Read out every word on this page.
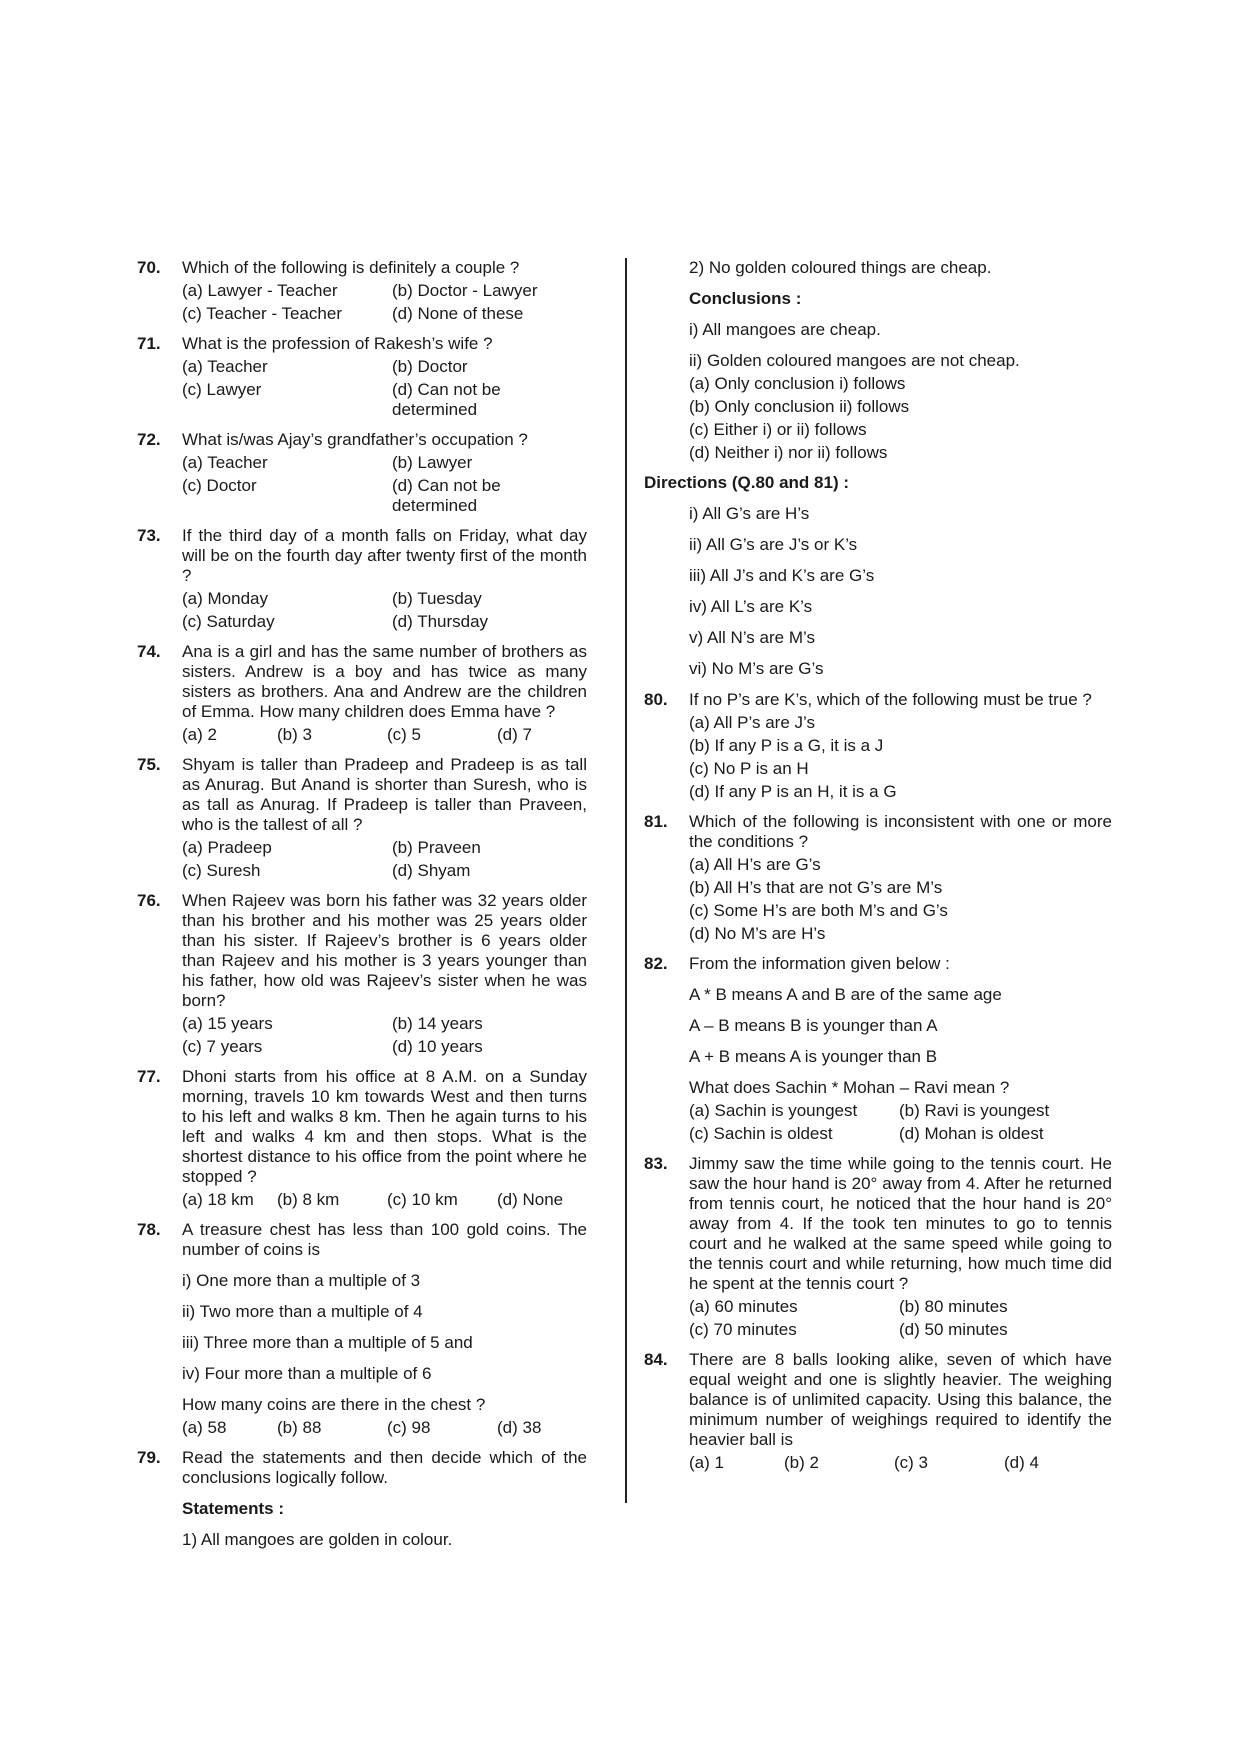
70. Which of the following is definitely a couple ?
(a) Lawyer - Teacher	(b) Doctor - Lawyer
(c) Teacher - Teacher	(d) None of these
71. What is the profession of Rakesh’s wife ?
(a) Teacher	(b) Doctor
(c) Lawyer	(d) Can not be determined
72. What is/was Ajay’s grandfather’s occupation ?
(a) Teacher	(b) Lawyer
(c) Doctor	(d) Can not be determined
73. If the third day of a month falls on Friday, what day will be on the fourth day after twenty first of the month ?
(a) Monday	(b) Tuesday
(c) Saturday	(d) Thursday
74. Ana is a girl and has the same number of brothers as sisters. Andrew is a boy and has twice as many sisters as brothers. Ana and Andrew are the children of Emma. How many children does Emma have ?
(a) 2	(b) 3	(c) 5	(d) 7
75. Shyam is taller than Pradeep and Pradeep is as tall as Anurag. But Anand is shorter than Suresh, who is as tall as Anurag. If Pradeep is taller than Praveen, who is the tallest of all ?
(a) Pradeep	(b) Praveen
(c) Suresh	(d) Shyam
76. When Rajeev was born his father was 32 years older than his brother and his mother was 25 years older than his sister. If Rajeev’s brother is 6 years older than Rajeev and his mother is 3 years younger than his father, how old was Rajeev’s sister when he was born?
(a) 15 years	(b) 14 years
(c) 7 years	(d) 10 years
77. Dhoni starts from his office at 8 A.M. on a Sunday morning, travels 10 km towards West and then turns to his left and walks 8 km. Then he again turns to his left and walks 4 km and then stops. What is the shortest distance to his office from the point where he stopped ?
(a) 18 km	(b) 8 km	(c) 10 km	(d) None
78. A treasure chest has less than 100 gold coins. The number of coins is
i) One more than a multiple of 3
ii) Two more than a multiple of 4
iii) Three more than a multiple of 5 and
iv) Four more than a multiple of 6
How many coins are there in the chest ?
(a) 58	(b) 88	(c) 98	(d) 38
79. Read the statements and then decide which of the conclusions logically follow.
Statements :
1) All mangoes are golden in colour.
2) No golden coloured things are cheap.
Conclusions :
i) All mangoes are cheap.
ii) Golden coloured mangoes are not cheap.
(a) Only conclusion i) follows
(b) Only conclusion ii) follows
(c) Either i) or ii) follows
(d) Neither i) nor ii) follows
Directions (Q.80 and 81) :
i) All G’s are H’s
ii) All G’s are J’s or K’s
iii) All J’s and K’s are G’s
iv) All L’s are K’s
v) All N’s are M’s
vi) No M’s are G’s
80. If no P’s are K’s, which of the following must be true ?
(a) All P’s are J’s
(b) If any P is a G, it is a J
(c) No P is an H
(d) If any P is an H, it is a G
81. Which of the following is inconsistent with one or more the conditions ?
(a) All H’s are G’s
(b) All H’s that are not G’s are M’s
(c) Some H’s are both M’s and G’s
(d) No M’s are H’s
82. From the information given below :
A * B means A and B are of the same age
A – B means B is younger than A
A + B means A is younger than B
What does Sachin * Mohan – Ravi mean ?
(a) Sachin is youngest	(b) Ravi is youngest
(c) Sachin is oldest	(d) Mohan is oldest
83. Jimmy saw the time while going to the tennis court. He saw the hour hand is 20° away from 4. After he returned from tennis court, he noticed that the hour hand is 20° away from 4. If the took ten minutes to go to tennis court and he walked at the same speed while going to the tennis court and while returning, how much time did he spent at the tennis court ?
(a) 60 minutes	(b) 80 minutes
(c) 70 minutes	(d) 50 minutes
84. There are 8 balls looking alike, seven of which have equal weight and one is slightly heavier. The weighing balance is of unlimited capacity. Using this balance, the minimum number of weighings required to identify the heavier ball is
(a) 1	(b) 2	(c) 3	(d) 4
